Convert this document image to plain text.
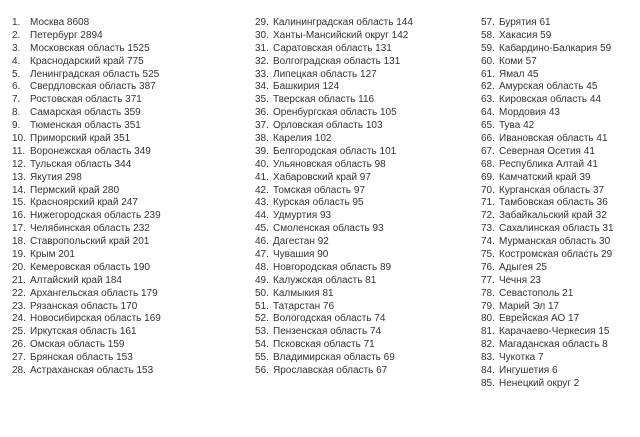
1. Москва 8608
2. Петербург 2894
3. Московская область 1525
4. Краснодарский край 775
5. Ленинградская область 525
6. Свердловская область 387
7. Ростовская область 371
8. Самарская область 359
9. Тюменская область 351
10. Приморский край 351
11. Воронежская область 349
12. Тульская область 344
13. Якутия 298
14. Пермский край 280
15. Красноярский край 247
16. Нижегородская область 239
17. Челябинская область 232
18. Ставропольский край 201
19. Крым 201
20. Кемеровская область 190
21. Алтайский край 184
22. Архангельская область 179
23. Рязанская область 170
24. Новосибирская область 169
25. Иркутская область 161
26. Омская область 159
27. Брянская область 153
28. Астраханская область 153
29. Калининградская область 144
30. Ханты-Мансийский округ 142
31. Саратовская область 131
32. Волгоградская область 131
33. Липецкая область 127
34. Башкирия 124
35. Тверская область 116
36. Оренбургская область 105
37. Орловская область 103
38. Карелия 102
39. Белгородская область 101
40. Ульяновская область 98
41. Хабаровский край 97
42. Томская область 97
43. Курская область 95
44. Удмуртия 93
45. Смоленская область 93
46. Дагестан 92
47. Чувашия 90
48. Новгородская область 89
49. Калужская область 81
50. Калмыкия 81
51. Татарстан 76
52. Вологодская область 74
53. Пензенская область 74
54. Псковская область 71
55. Владимирская область 69
56. Ярославская область 67
57. Бурятия 61
58. Хакасия 59
59. Кабардино-Балкария 59
60. Коми 57
61. Ямал 45
62. Амурская область 45
63. Кировская область 44
64. Мордовия 43
65. Тува 42
66. Ивановская область 41
67. Северная Осетия 41
68. Республика Алтай 41
69. Камчатский край 39
70. Курганская область 37
71. Тамбовская область 36
72. Забайкальский край 32
73. Сахалинская область 31
74. Мурманская область 30
75. Костромская область 29
76. Адыгея 25
77. Чечня 23
78. Севастополь 21
79. Марий Эл 17
80. Еврейская АО 17
81. Карачаево-Черкесия 15
82. Магаданская область 8
83. Чукотка 7
84. Ингушетия 6
85. Ненецкий округ 2
